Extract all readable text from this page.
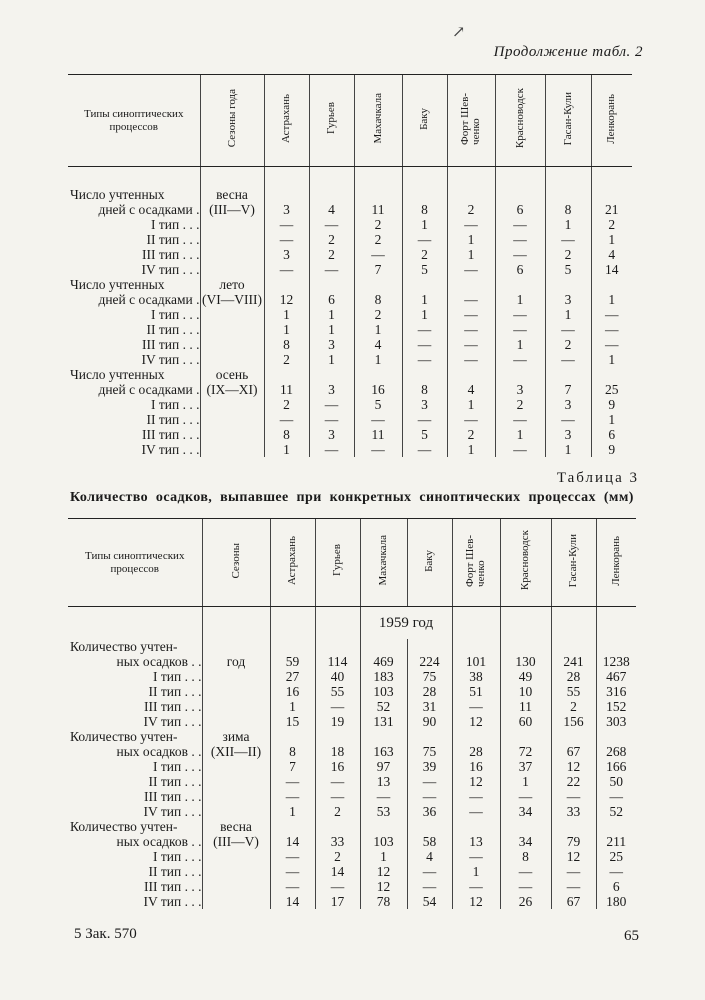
↗
Продолжение табл. 2
Типы синоптических процессов	Сезоны года	Астрахань	Гурьев	Махачкала	Баку	Форт Шев-
ченко	Красноводск	Гасан-Кули	Ленкорань

Число учтенных	весна								
дней с осадками .	(III—V)	3	4	11	8	2	6	8	21
I тип . . .		—	—	2	1	—	—	1	2
II тип . . .		—	2	2	—	1	—	—	1
III тип . . .		3	2	—	2	1	—	2	4
IV тип . . .		—	—	7	5	—	6	5	14
Число учтенных	лето								
дней с осадками .	(VI—VIII)	12	6	8	1	—	1	3	1
I тип . . .		1	1	2	1	—	—	1	—
II тип . . .		1	1	1	—	—	—	—	—
III тип . . .		8	3	4	—	—	1	2	—
IV тип . . .		2	1	1	—	—	—	—	1
Число учтенных	осень								
дней с осадками .	(IX—XI)	11	3	16	8	4	3	7	25
I тип . . .		2	—	5	3	1	2	3	9
II тип . . .		—	—	—	—	—	—	—	1
III тип . . .		8	3	11	5	2	1	3	6
IV тип . . .		1	—	—	—	1	—	1	9
Таблица 3
Количество осадков, выпавшее при конкретных синоптических процессах (мм)
Типы синоптических процессов	Сезоны	Астрахань	Гурьев	Махачкала	Баку	Форт Шев-
ченко	Красноводск	Гасан-Кули	Ленкорань
				1959 год					
Количество учтен-									
ных осадков . .	год	59	114	469	224	101	130	241	1238
I тип . . .		27	40	183	75	38	49	28	467
II тип . . .		16	55	103	28	51	10	55	316
III тип . . .		1	—	52	31	—	11	2	152
IV тип . . .		15	19	131	90	12	60	156	303
Количество учтен-	зима								
ных осадков . .	(XII—II)	8	18	163	75	28	72	67	268
I тип . . .		7	16	97	39	16	37	12	166
II тип . . .		—	—	13	—	12	1	22	50
III тип . . .		—	—	—	—	—	—	—	—
IV тип . . .		1	2	53	36	—	34	33	52
Количество учтен-	весна								
ных осадков . .	(III—V)	14	33	103	58	13	34	79	211
I тип . . .		—	2	1	4	—	8	12	25
II тип . . .		—	14	12	—	1	—	—	—
III тип . . .		—	—	12	—	—	—	—	6
IV тип . . .		14	17	78	54	12	26	67	180
5 Зак. 570	65
